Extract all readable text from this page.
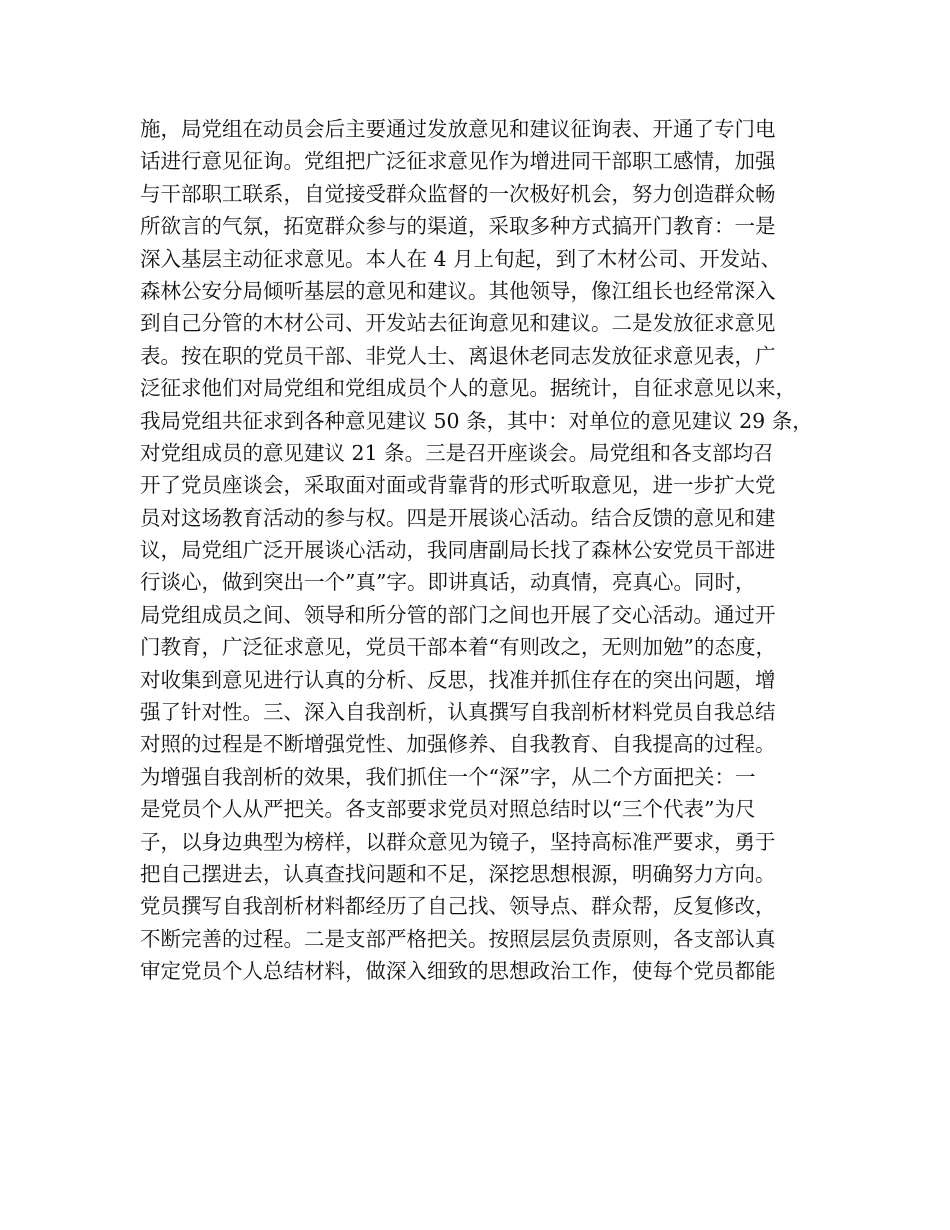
施，局党组在动员会后主要通过发放意见和建议征询表、开通了专门电
话进行意见征询。党组把广泛征求意见作为增进同干部职工感情，加强
与干部职工联系，自觉接受群众监督的一次极好机会，努力创造群众畅
所欲言的气氛，拓宽群众参与的渠道，采取多种方式搞开门教育：一是
深入基层主动征求意见。本人在 4 月上旬起，到了木材公司、开发站、
森林公安分局倾听基层的意见和建议。其他领导，像江组长也经常深入
到自己分管的木材公司、开发站去征询意见和建议。二是发放征求意见
表。按在职的党员干部、非党人士、离退休老同志发放征求意见表，广
泛征求他们对局党组和党组成员个人的意见。据统计，自征求意见以来，
我局党组共征求到各种意见建议 50 条，其中：对单位的意见建议 29 条，
对党组成员的意见建议 21 条。三是召开座谈会。局党组和各支部均召
开了党员座谈会，采取面对面或背靠背的形式听取意见，进一步扩大党
员对这场教育活动的参与权。四是开展谈心活动。结合反馈的意见和建
议，局党组广泛开展谈心活动，我同唐副局长找了森林公安党员干部进
行谈心，做到突出一个”真”字。即讲真话，动真情，亮真心。同时，
局党组成员之间、领导和所分管的部门之间也开展了交心活动。通过开
门教育，广泛征求意见，党员干部本着“有则改之，无则加勉”的态度，
对收集到意见进行认真的分析、反思，找准并抓住存在的突出问题，增
强了针对性。三、深入自我剖析，认真撰写自我剖析材料党员自我总结
对照的过程是不断增强党性、加强修养、自我教育、自我提高的过程。
为增强自我剖析的效果，我们抓住一个“深”字，从二个方面把关：一
是党员个人从严把关。各支部要求党员对照总结时以“三个代表”为尺
子，以身边典型为榜样，以群众意见为镜子，坚持高标准严要求，勇于
把自己摆进去，认真查找问题和不足，深挖思想根源，明确努力方向。
党员撰写自我剖析材料都经历了自己找、领导点、群众帮，反复修改，
不断完善的过程。二是支部严格把关。按照层层负责原则，各支部认真
审定党员个人总结材料，做深入细致的思想政治工作，使每个党员都能
